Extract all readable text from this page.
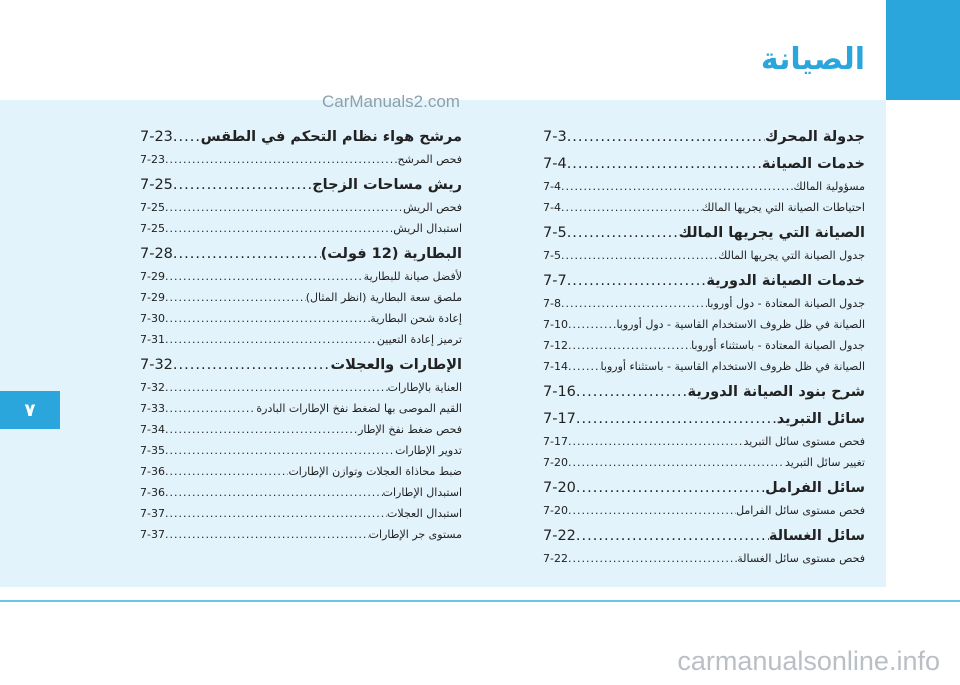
الصيانة
CarManuals2.com
جدولة المحرك
.....
7-3
خدمات الصيانة
.....
7-4
مسؤولية المالك
.....
7-4
احتياطات الصيانة التي يجريها المالك
.....
7-4
الصيانة التي يجريها المالك
.....
7-5
جدول الصيانة التي يجريها المالك
.....
7-5
خدمات الصيانة الدورية
.....
7-7
جدول الصيانة المعتادة - دول أوروبا
.....
7-8
الصيانة في ظل ظروف الاستخدام القاسية - دول أوروبا
.....
7-10
جدول الصيانة المعتادة - باستثناء أوروبا
.....
7-12
الصيانة في ظل ظروف الاستخدام القاسية - باستثناء أوروبا
.....
7-14
شرح بنود الصيانة الدورية
.....
7-16
سائل التبريد
.....
7-17
فحص مستوى سائل التبريد
.....
7-17
تغيير سائل التبريد
.....
7-20
سائل الفرامل
.....
7-20
فحص مستوى سائل الفرامل
.....
7-20
سائل الغسالة
.....
7-22
فحص مستوى سائل الغسالة
.....
7-22
مرشح هواء نظام التحكم في الطقس
.....
7-23
فحص المرشح
.....
7-23
ريش مساحات الزجاج
.....
7-25
فحص الريش
.....
7-25
استبدال الريش
.....
7-25
البطارية (12 فولت)
.....
7-28
لأفضل صيانة للبطارية
.....
7-29
ملصق سعة البطارية (انظر المثال)
.....
7-29
إعادة شحن البطارية
.....
7-30
ترميز إعادة التعيين
.....
7-31
الإطارات والعجلات
.....
7-32
العناية بالإطارات
.....
7-32
القيم الموصى بها لضغط نفخ الإطارات البادرة
.....
7-33
فحص ضغط نفخ الإطار
.....
7-34
تدوير الإطارات
.....
7-35
ضبط محاذاة العجلات وتوازن الإطارات
.....
7-36
استبدال الإطارات
.....
7-36
استبدال العجلات
.....
7-37
مستوى جر الإطارات
.....
7-37
٧
carmanualsonline.info
